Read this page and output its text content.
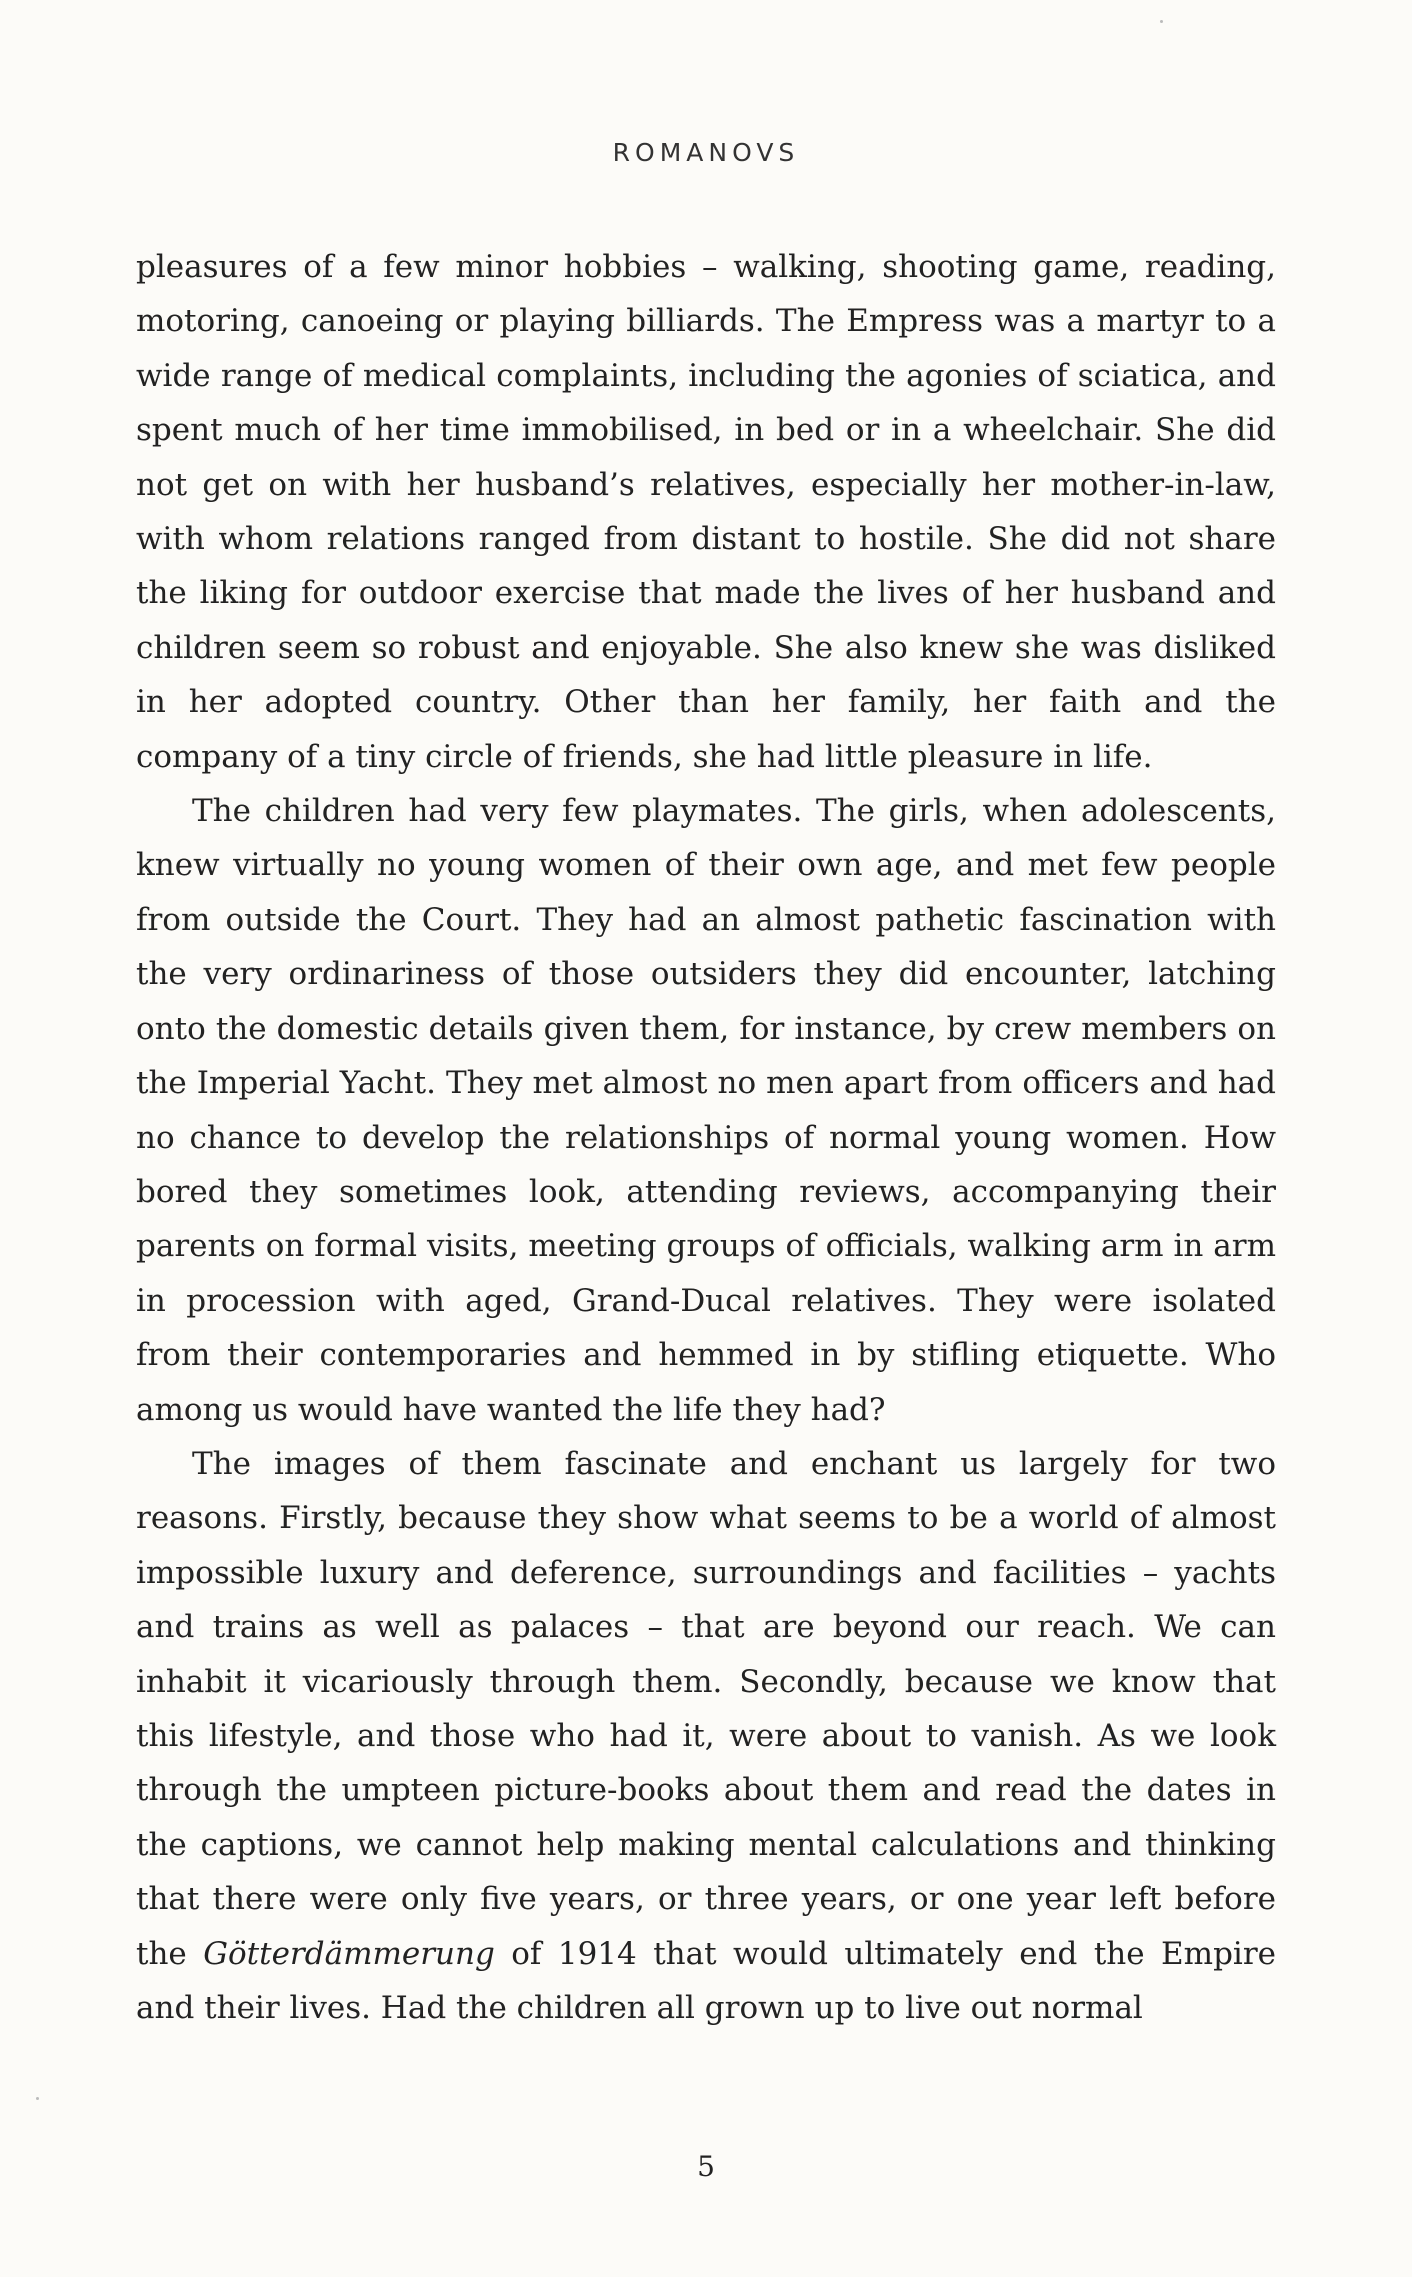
ROMANOVS

pleasures of a few minor hobbies – walking, shooting game, reading, motoring, canoeing or playing billiards. The Empress was a martyr to a wide range of medical complaints, including the agonies of sciatica, and spent much of her time immobilised, in bed or in a wheelchair. She did not get on with her husband’s relatives, especially her mother-in-law, with whom relations ranged from distant to hostile. She did not share the liking for outdoor exercise that made the lives of her husband and children seem so robust and enjoyable. She also knew she was disliked in her adopted country. Other than her family, her faith and the company of a tiny circle of friends, she had little pleasure in life.

The children had very few playmates. The girls, when adolescents, knew virtually no young women of their own age, and met few people from outside the Court. They had an almost pathetic fascination with the very ordinariness of those outsiders they did encounter, latching onto the domestic details given them, for instance, by crew members on the Imperial Yacht. They met almost no men apart from officers and had no chance to develop the relationships of normal young women. How bored they sometimes look, attending reviews, accompanying their parents on formal visits, meeting groups of officials, walking arm in arm in procession with aged, Grand-Ducal relatives. They were isolated from their contemporaries and hemmed in by stifling etiquette. Who among us would have wanted the life they had?

The images of them fascinate and enchant us largely for two reasons. Firstly, because they show what seems to be a world of almost impossible luxury and deference, surroundings and facilities – yachts and trains as well as palaces – that are beyond our reach. We can inhabit it vicariously through them. Secondly, because we know that this lifestyle, and those who had it, were about to vanish. As we look through the umpteen picture-books about them and read the dates in the captions, we cannot help making mental calculations and thinking that there were only five years, or three years, or one year left before the Götterdämmerung of 1914 that would ultimately end the Empire and their lives. Had the children all grown up to live out normal

5
